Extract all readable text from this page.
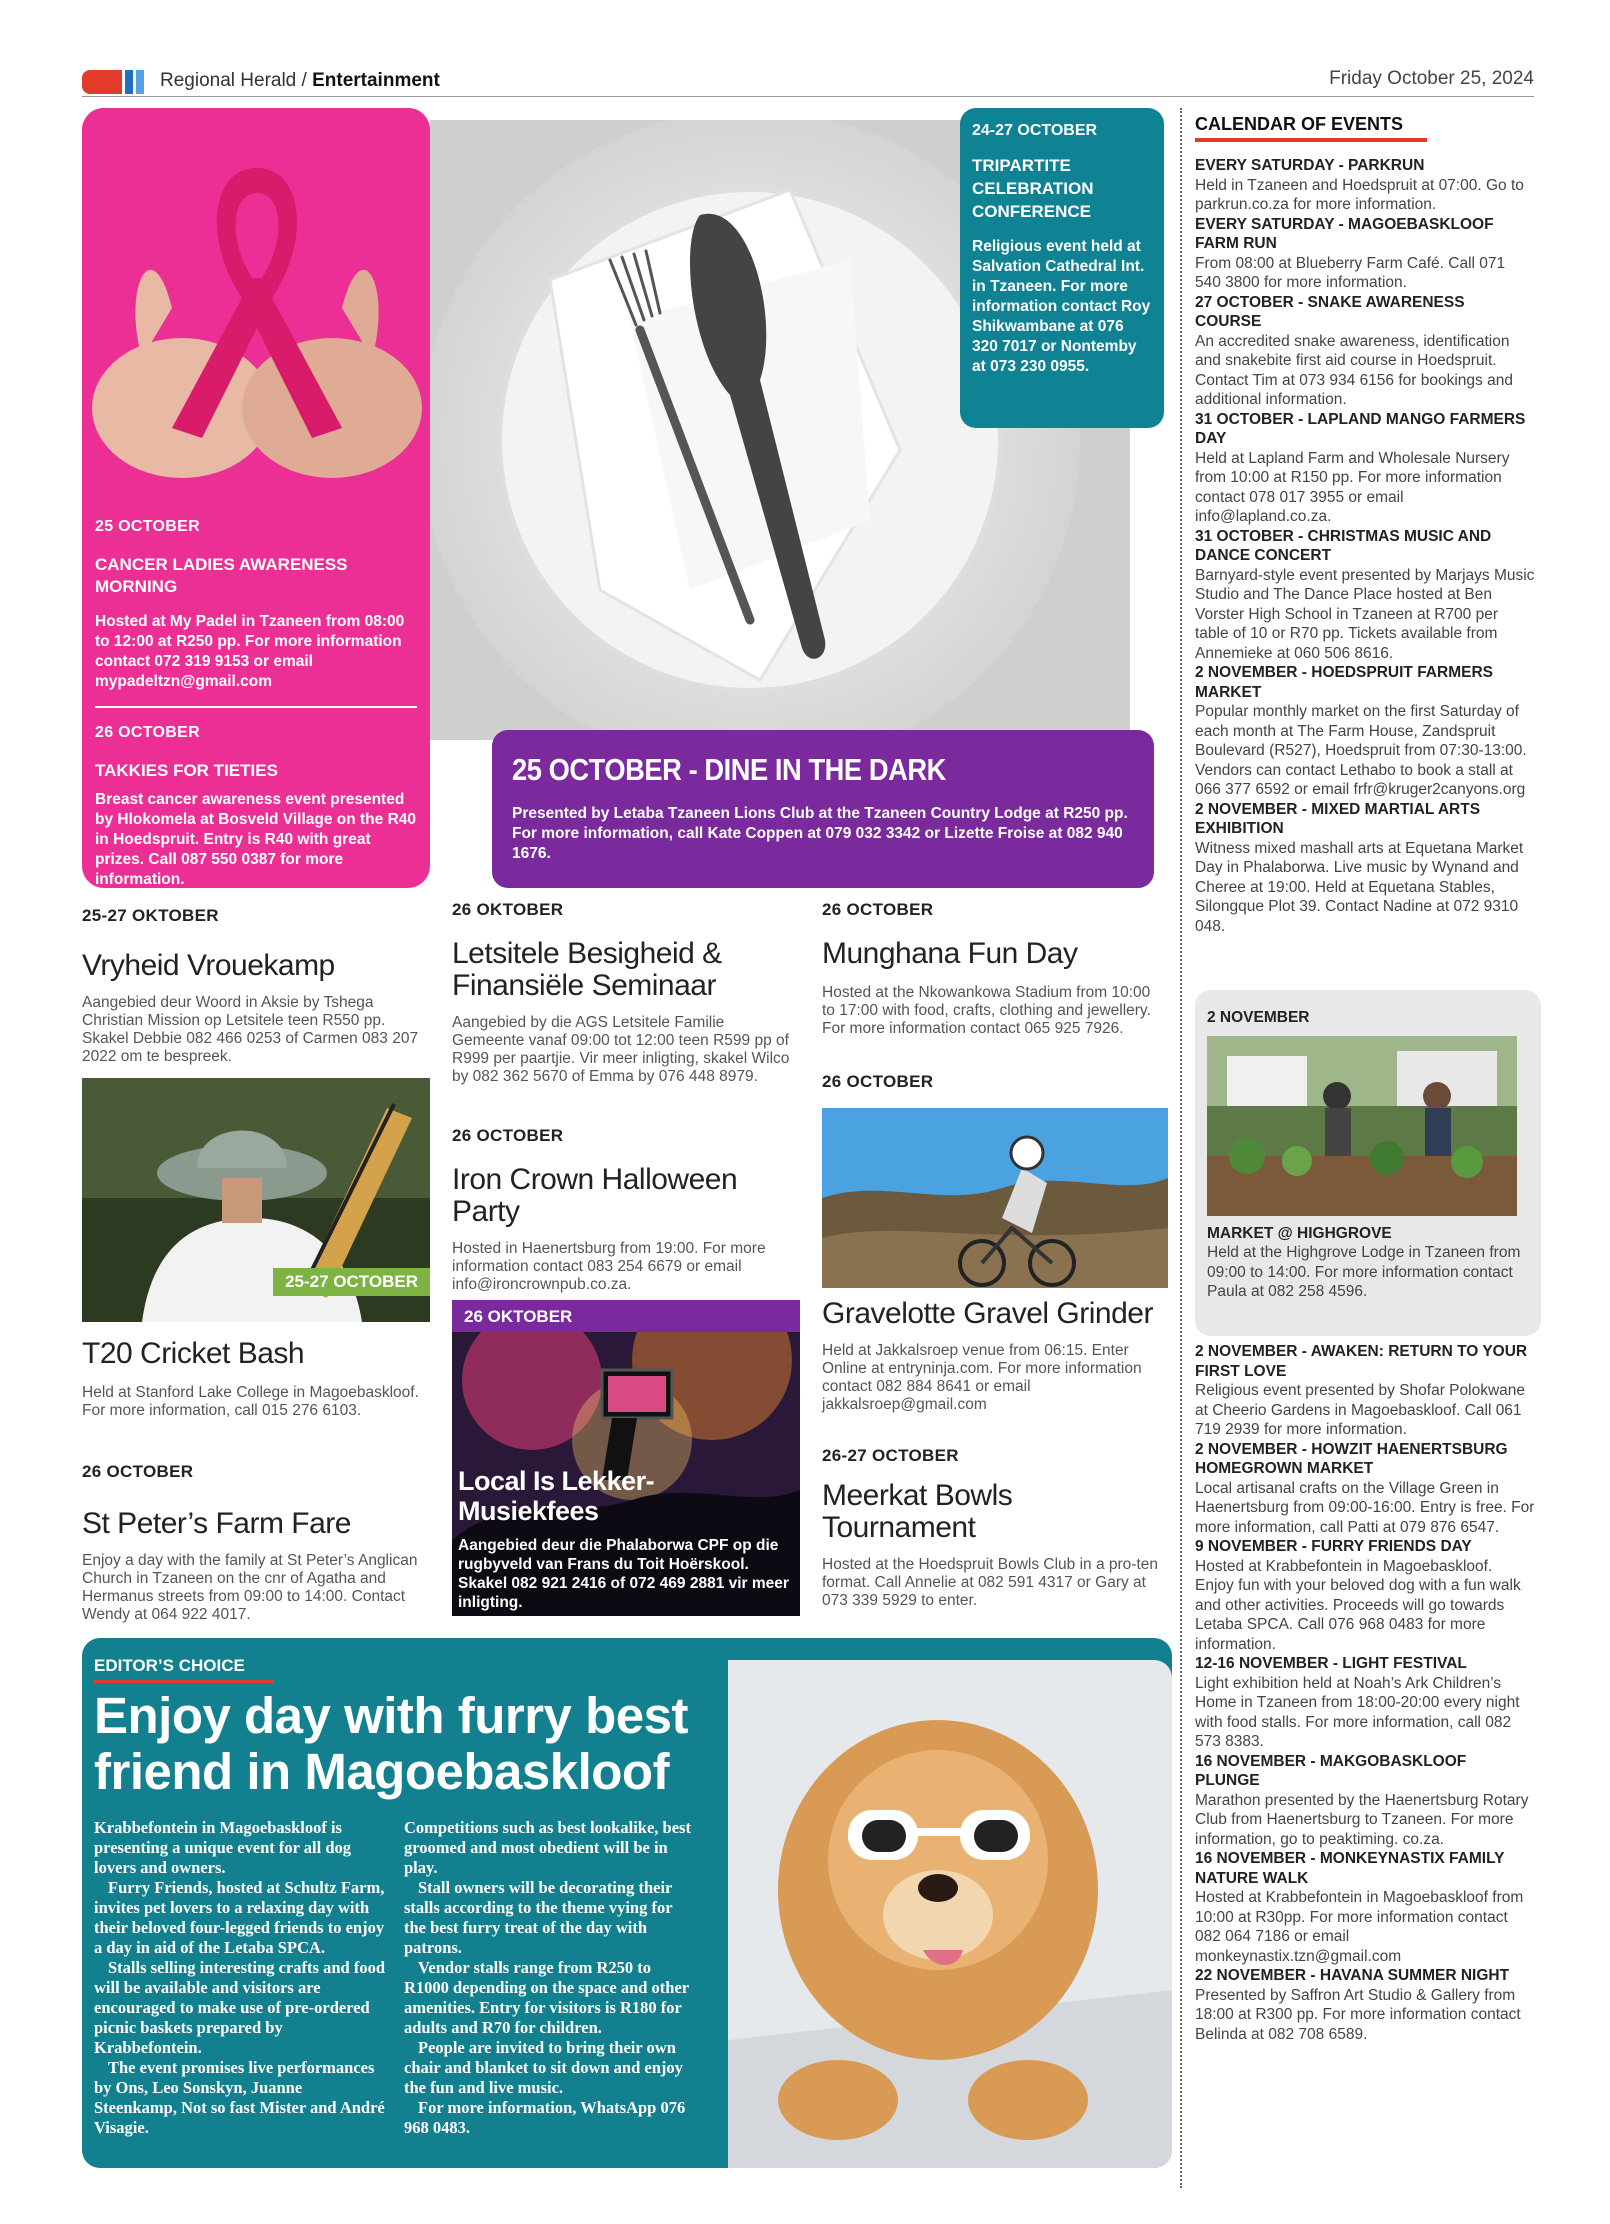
Regional Herald / Entertainment	Friday October 25, 2024
25 OCTOBER
CANCER LADIES AWARENESS MORNING

Hosted at My Padel in Tzaneen from 08:00 to 12:00 at R250 pp. For more information contact 072 319 9153 or email mypadeltzn@gmail.com

26 OCTOBER
TAKKIES FOR TIETIES

Breast cancer awareness event presented by Hlokomela at Bosveld Village on the R40 in Hoedspruit. Entry is R40 with great prizes. Call 087 550 0387 for more information.

24-27 OCTOBER
TRIPARTITE CELEBRATION CONFERENCE

Religious event held at Salvation Cathedral Int. in Tzaneen. For more information contact Roy Shikwambane at 076 320 7017 or Nontemby at 073 230 0955.

25 OCTOBER - DINE IN THE DARK

Presented by Letaba Tzaneen Lions Club at the Tzaneen Country Lodge at R250 pp. For more information, call Kate Coppen at 079 032 3342 or Lizette Froise at 082 940 1676.

25-27 OKTOBER
Vryheid Vrouekamp
Aangebied deur Woord in Aksie by Tshega Christian Mission op Letsitele teen R550 pp. Skakel Debbie 082 466 0253 of Carmen 083 207 2022 om te bespreek.
25-27 OCTOBER
T20 Cricket Bash
Held at Stanford Lake College in Magoebaskloof. For more information, call 015 276 6103.
26 OCTOBER
St Peter’s Farm Fare
Enjoy a day with the family at St Peter’s Anglican Church in Tzaneen on the cnr of Agatha and Hermanus streets from 09:00 to 14:00. Contact Wendy at 064 922 4017.
26 OKTOBER
Letsitele Besigheid &
Finansiële Seminaar
Aangebied by die AGS Letsitele Familie Gemeente vanaf 09:00 tot 12:00 teen R599 pp of R999 per paartjie. Vir meer inligting, skakel Wilco by 082 362 5670 of Emma by 076 448 8979.
26 OCTOBER
Iron Crown Halloween
Party
Hosted in Haenertsburg from 19:00. For more information contact 083 254 6679 or email info@ironcrownpub.co.za.
26 OKTOBER
Local Is Lekker-
Musiekfees
Aangebied deur die Phalaborwa CPF op die rugbyveld van Frans du Toit Hoërskool. Skakel 082 921 2416 of 072 469 2881 vir meer inligting.
26 OCTOBER
Munghana Fun Day
Hosted at the Nkowankowa Stadium from 10:00 to 17:00 with food, crafts, clothing and jewellery. For more information contact 065 925 7926.
26 OCTOBER
Gravelotte Gravel Grinder
Held at Jakkalsroep venue from 06:15. Enter Online at entryninja.com. For more information contact 082 884 8641 or email jakkalsroep@gmail.com
26-27 OCTOBER
Meerkat Bowls
Tournament
Hosted at the Hoedspruit Bowls Club in a pro-ten format. Call Annelie at 082 591 4317 or Gary at 073 339 5929 to enter.
CALENDAR OF EVENTS
EVERY SATURDAY - PARKRUN
Held in Tzaneen and Hoedspruit at 07:00. Go to parkrun.co.za for more information.
EVERY SATURDAY - MAGOEBASKLOOF FARM RUN
From 08:00 at Blueberry Farm Café. Call 071 540 3800 for more information.
27 OCTOBER - SNAKE AWARENESS COURSE
An accredited snake awareness, identification and snakebite first aid course in Hoedspruit. Contact Tim at 073 934 6156 for bookings and additional information.
31 OCTOBER - LAPLAND MANGO FARMERS DAY
Held at Lapland Farm and Wholesale Nursery from 10:00 at R150 pp. For more information contact 078 017 3955 or email info@lapland.co.za.
31 OCTOBER - CHRISTMAS MUSIC AND DANCE CONCERT
Barnyard-style event presented by Marjays Music Studio and The Dance Place hosted at Ben Vorster High School in Tzaneen at R700 per table of 10 or R70 pp. Tickets available from Annemieke at 060 506 8616.
2 NOVEMBER - HOEDSPRUIT FARMERS MARKET
Popular monthly market on the first Saturday of each month at The Farm House, Zandspruit Boulevard (R527), Hoedspruit from 07:30-13:00. Vendors can contact Lethabo to book a stall at 066 377 6592 or email frfr@kruger2canyons.org
2 NOVEMBER - MIXED MARTIAL ARTS EXHIBITION
Witness mixed mashall arts at Equetana Market Day in Phalaborwa. Live music by Wynand and Cheree at 19:00. Held at Equetana Stables, Silongque Plot 39. Contact Nadine at 072 9310 048.
2 NOVEMBER
MARKET @ HIGHGROVE
Held at the Highgrove Lodge in Tzaneen from 09:00 to 14:00. For more information contact Paula at 082 258 4596.
2 NOVEMBER - AWAKEN: RETURN TO YOUR FIRST LOVE
Religious event presented by Shofar Polokwane at Cheerio Gardens in Magoebaskloof. Call 061 719 2939 for more information.
2 NOVEMBER - HOWZIT HAENERTSBURG HOMEGROWN MARKET
Local artisanal crafts on the Village Green in Haenertsburg from 09:00-16:00. Entry is free. For more information, call Patti at 079 876 6547.
9 NOVEMBER - FURRY FRIENDS DAY
Hosted at Krabbefontein in Magoebaskloof. Enjoy fun with your beloved dog with a fun walk and other activities. Proceeds will go towards Letaba SPCA. Call 076 968 0483 for more information.
12-16 NOVEMBER - LIGHT FESTIVAL
Light exhibition held at Noah’s Ark Children’s Home in Tzaneen from 18:00-20:00 every night with food stalls. For more information, call 082 573 8383.
16 NOVEMBER - MAKGOBASKLOOF PLUNGE
Marathon presented by the Haenertsburg Rotary Club from Haenertsburg to Tzaneen. For more information, go to peaktiming. co.za.
16 NOVEMBER - MONKEYNASTIX FAMILY NATURE WALK
Hosted at Krabbefontein in Magoebaskloof from 10:00 at R30pp. For more information contact 082 064 7186 or email monkeynastix.tzn@gmail.com
22 NOVEMBER - HAVANA SUMMER NIGHT
Presented by Saffron Art Studio & Gallery from 18:00 at R300 pp. For more information contact Belinda at 082 708 6589.
EDITOR’S CHOICE
Enjoy day with furry best friend in Magoebaskloof

Krabbefontein in Magoebaskloof is presenting a unique event for all dog lovers and owners.

Furry Friends, hosted at Schultz Farm, invites pet lovers to a relaxing day with their beloved four-legged friends to enjoy a day in aid of the Letaba SPCA.

Stalls selling interesting crafts and food will be available and visitors are encouraged to make use of pre-ordered picnic baskets prepared by Krabbefontein.

The event promises live performances by Ons, Leo Sonskyn, Juanne Steenkamp, Not so fast Mister and André Visagie.

Competitions such as best lookalike, best groomed and most obedient will be in play.

Stall owners will be decorating their stalls according to the theme vying for the best furry treat of the day with patrons.

Vendor stalls range from R250 to R1000 depending on the space and other amenities. Entry for visitors is R180 for adults and R70 for children.

People are invited to bring their own chair and blanket to sit down and enjoy the fun and live music.

For more information, WhatsApp 076 968 0483.
